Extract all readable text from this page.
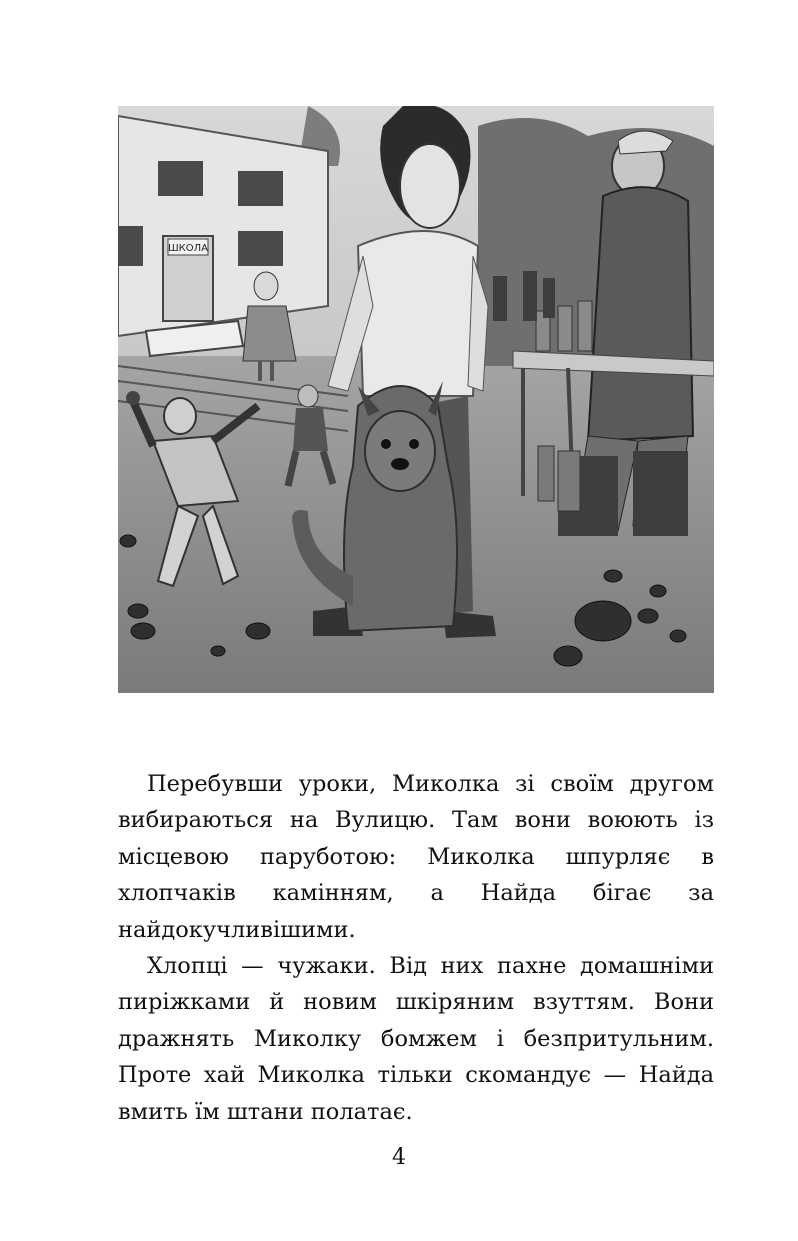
ШКОЛА

Перебувши уроки, Миколка зі своїм другом вибираються на Вулицю. Там вони воюють із місцевою паруботою: Миколка шпурляє в хлопчаків камінням, а Найда бігає за найдокучливішими.

Хлопці — чужаки. Від них пахне домашніми пиріжками й новим шкіряним взуттям. Вони дражнять Миколку бомжем і безпритульним. Проте хай Миколка тільки скомандує — Найда вмить їм штани полатає.

4
